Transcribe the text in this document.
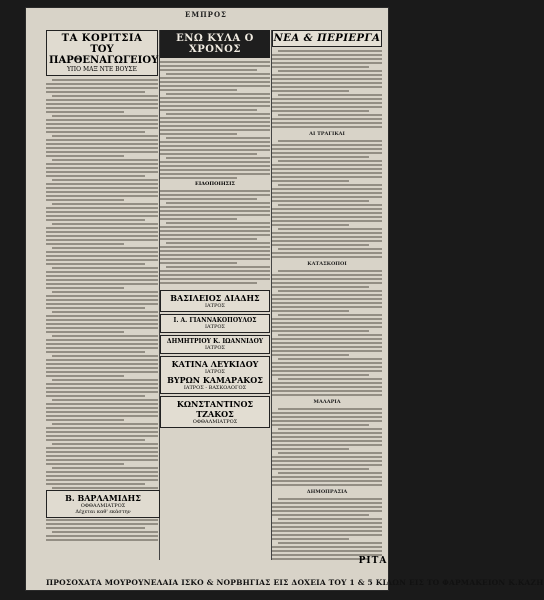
ΕΜΠΡΟΣ
ΤΑ ΚΟΡΙΤΣΙΑ
ΤΟΥ ΠΑΡΘΕΝΑΓΩΓΕΙΟΥ
ΥΠΟ ΜΑΞ ΝΤΕ ΒΟΥΣΕ
Β. ΒΑΡΛΑΜΙΔΗΣ
ΟΦΘΑΛΜΙΑΤΡΟΣ
Δέχεται καθ' εκάστην
ΕΝΩ ΚΥΛΑ Ο ΧΡΟΝΟΣ
ΕΙΔΟΠΟΙΗΣΙΣ
ΒΑΣΙΛΕΙΟΣ ΔΙΑΔΗΣ
ΙΑΤΡΟΣ
Ι. Α. ΓΙΑΝΝΑΚΟΠΟΥΛΟΣ
ΙΑΤΡΟΣ
ΔΗΜΗΤΡΙΟΥ Κ. ΙΩΑΝΝΙΔΟΥ
ΙΑΤΡΟΣ
ΚΑΤΙΝΑ ΛΕΥΚΙΔΟΥ
ΙΑΤΡΟΣ
ΒΥΡΩΝ ΚΑΜΑΡΑΚΟΣ
ΙΑΤΡΟΣ - ΒΑΣΚΟΛΟΓΟΣ
ΚΩΝΣΤΑΝΤΙΝΟΣ ΤΖΑΚΟΣ
ΟΦΘΑΛΜΙΑΤΡΟΣ
ΝΕΑ & ΠΕΡΙΕΡΓΑ
ΑΙ ΤΡΑΓΙΚΑΙ
ΚΑΤΑΣΚΟΠΟΙ
ΜΑΛΑΡΙΑ
ΔΗΜΟΠΡΑΣΙΑ
ΡΙΤΑ
ΠΡΟΣΟΧΑΤΑ ΜΟΥΡΟΥΝΕΛΑΙΑ ΙΣΚΟ & ΝΟΡΒΗΓΙΑΣ ΕΙΣ ΔΟΧΕΙΑ ΤΟΥ 1 & 5 ΚΙΛΩΝ ΕΙΣ ΤΟ ΦΑΡΜΑΚΕΙΟΝ Κ.ΚΑΖΗ
